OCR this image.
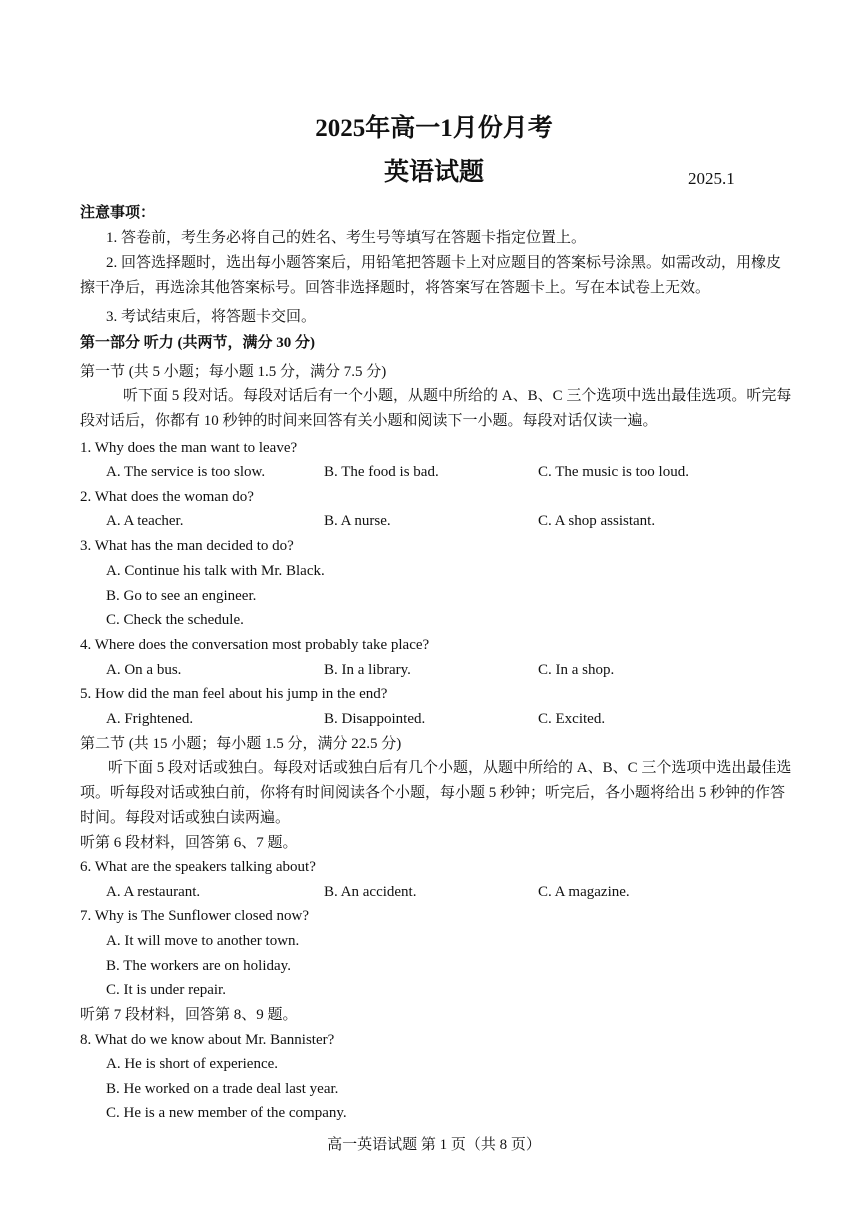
2025年高一1月份月考
英语试题	2025.1
注意事项：
1. 答卷前，考生务必将自己的姓名、考生号等填写在答题卡指定位置上。
2. 回答选择题时，选出每小题答案后，用铅笔把答题卡上对应题目的答案标号涂黑。如需改动，用橡皮擦干净后，再选涂其他答案标号。回答非选择题时，将答案写在答题卡上。写在本试卷上无效。
3. 考试结束后，将答题卡交回。
第一部分 听力 (共两节，满分 30 分)
第一节 (共 5 小题；每小题 1.5 分，满分 7.5 分)
听下面 5 段对话。每段对话后有一个小题，从题中所给的 A、B、C 三个选项中选出最佳选项。听完每段对话后，你都有 10 秒钟的时间来回答有关小题和阅读下一小题。每段对话仅读一遍。
1. Why does the man want to leave?
A. The service is too slow.	B. The food is bad.	C. The music is too loud.
2. What does the woman do?
A. A teacher.	B. A nurse.	C. A shop assistant.
3. What has the man decided to do?
A. Continue his talk with Mr. Black.
B. Go to see an engineer.
C. Check the schedule.
4. Where does the conversation most probably take place?
A. On a bus.	B. In a library.	C. In a shop.
5. How did the man feel about his jump in the end?
A. Frightened.	B. Disappointed.	C. Excited.
第二节 (共 15 小题；每小题 1.5 分，满分 22.5 分)
听下面 5 段对话或独白。每段对话或独白后有几个小题，从题中所给的 A、B、C 三个选项中选出最佳选项。听每段对话或独白前，你将有时间阅读各个小题，每小题 5 秒钟；听完后，各小题将给出 5 秒钟的作答时间。每段对话或独白读两遍。
听第 6 段材料，回答第 6、7 题。
6. What are the speakers talking about?
A. A restaurant.	B. An accident.	C. A magazine.
7. Why is The Sunflower closed now?
A. It will move to another town.
B. The workers are on holiday.
C. It is under repair.
听第 7 段材料，回答第 8、9 题。
8. What do we know about Mr. Bannister?
A. He is short of experience.
B. He worked on a trade deal last year.
C. He is a new member of the company.
高一英语试题 第 1 页（共 8 页）
